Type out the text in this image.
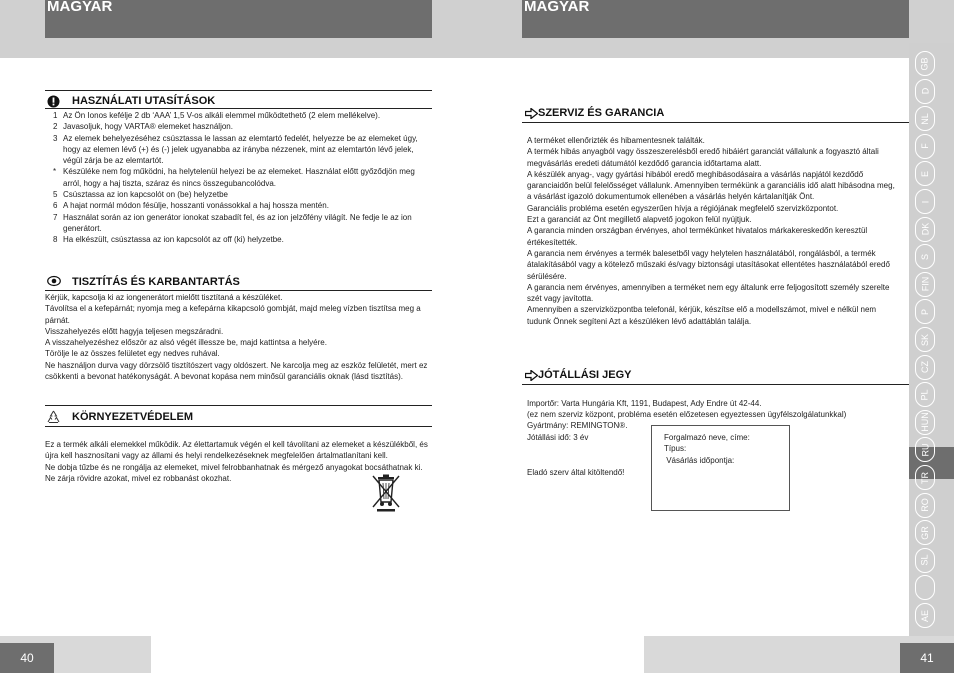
MAGYAR	MAGYAR
HASZNÁLATI UTASÍTÁSOK
1 Az Ön Ionos kefélje 2 db ‘AAA’ 1,5 V-os alkáli elemmel működtethető (2 elem mellékelve).
2 Javasoljuk, hogy VARTA® elemeket használjon.
3 Az elemek behelyezéséhez csúsztassa le lassan az elemtartó fedelét, helyezze be az elemeket úgy, hogy az elemen lévő (+) és (-) jelek ugyanabba az irányba nézzenek, mint az elemtartón lévő jelek, végül zárja be az elemtartót.
* Készüléke nem fog működni, ha helytelenül helyezi be az elemeket. Használat előtt győződjön meg arról, hogy a haj tiszta, száraz és nincs összegubancolódva.
5 Csúsztassa az ion kapcsolót on (be) helyzetbe
6 A hajat normál módon fésülje, hosszanti vonássokkal a haj hossza mentén.
7 Használat során az ion generátor ionokat szabadít fel, és az ion jelzőfény világít. Ne fedje le az ion generátort.
8 Ha elkészült, csúsztassa az ion kapcsolót az off (ki) helyzetbe.
TISZTÍTÁS ÉS KARBANTARTÁS

Kérjük, kapcsolja ki az iongenerátort mielőtt tisztítaná a készüléket.

Távolítsa el a kefepárnát; nyomja meg a kefepárna kikapcsoló gombját, majd meleg vízben tisztítsa meg a párnát.

Visszahelyezés előtt hagyja teljesen megszáradni.

A visszahelyezéshez először az alsó végét illessze be, majd kattintsa a helyére.

Törölje le az összes felületet egy nedves ruhával.

Ne használjon durva vagy dörzsölő tisztítószert vagy oldószert. Ne karcolja meg az eszköz felületét, mert ez csökkenti a bevonat hatékonyságát. A bevonat kopása nem minősül garanciális oknak (lásd tisztítás).

KÖRNYEZETVÉDELEM

Ez a termék alkáli elemekkel működik. Az élettartamuk végén el kell távolítani az elemeket a készülékből, és újra kell hasznosítani vagy az állami és helyi rendelkezéseknek megfelelően ártalmatlanítani kell.

Ne dobja tűzbe és ne rongálja az elemeket, mivel felrobbanhatnak és mérgező anyagokat bocsáthatnak ki. Ne zárja rövidre azokat, mivel ez robbanást okozhat.

SZERVIZ ÉS GARANCIA

A terméket ellenőrizték és hibamentesnek találták.

A termék hibás anyagból vagy összeszerelésből eredő hibáiért garanciát vállalunk a fogyasztó általi megvásárlás eredeti dátumától kezdődő garancia időtartama alatt.

A készülék anyag-, vagy gyártási hibából eredő meghibásodásaira a vásárlás napjától kezdődő garanciaidőn belül felelősséget vállalunk. Amennyiben termékünk a garanciális idő alatt hibásodna meg, a vásárlást igazoló dokumentumok ellenében a vásárlás helyén kártalanítják Önt.

Garanciális probléma esetén egyszerűen hívja a régiójának megfelelő szervizközpontot.

Ezt a garanciát az Önt megillető alapvető jogokon felül nyújtjuk.

A garancia minden országban érvényes, ahol termékünket hivatalos márkakereskedőn keresztül értékesítették.

A garancia nem érvényes a termék balesetből vagy helytelen használatából, rongálásból, a termék átalakításából vagy a kötelező műszaki és/vagy biztonsági utasításokat ellentétes használatából eredő sérülésére.

A garancia nem érvényes, amennyiben a terméket nem egy általunk erre feljogosított személy szerelte szét vagy javította.

Amennyiben a szervizközpontba telefonál, kérjük, készítse elő a modellszámot, mivel e nélkül nem tudunk Önnek segíteni Azt a készüléken lévő adattáblán találja.

JÓTÁLLÁSI JEGY
Importőr: Varta Hungária Kft, 1191, Budapest, Ady Endre út 42-44.
(ez nem szerviz központ, probléma esetén előzetesen egyeztessen ügyfélszolgálatunkkal)
Gyártmány: REMINGTON®.
Jótállási idő: 3 év
Eladó szerv által kitöltendő!
Forgalmazó neve, címe:
Típus:
Vásárlás időpontja:
GB
D
NL
F
E
I
DK
S
FIN
P
SK
CZ
PL
HUN
RU
TR
RO
GR
SL
AE
40	41
